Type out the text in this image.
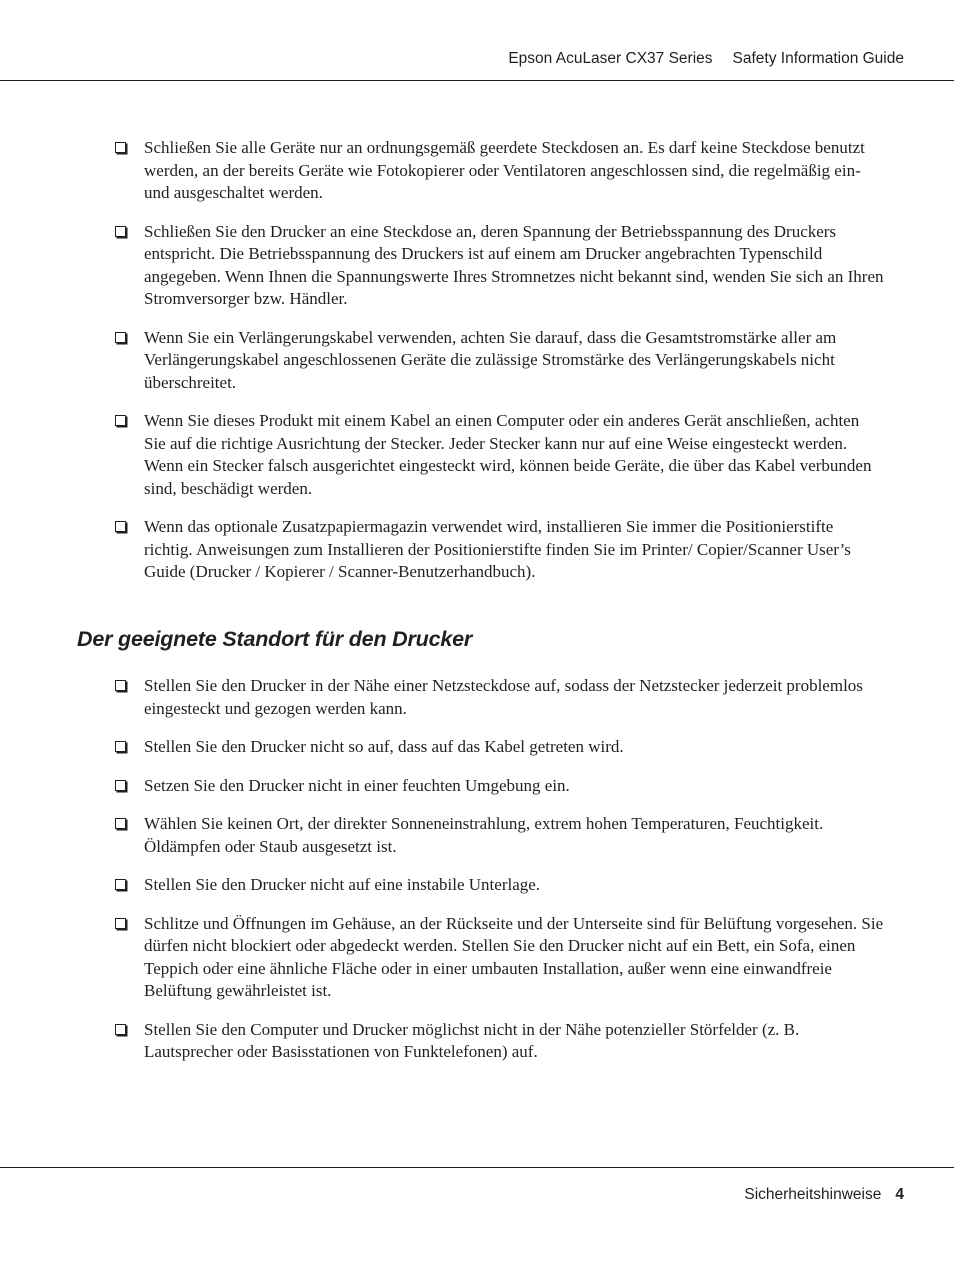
Epson AcuLaser CX37 Series Safety Information Guide
Schließen Sie alle Geräte nur an ordnungsgemäß geerdete Steckdosen an. Es darf keine Steckdose benutzt werden, an der bereits Geräte wie Fotokopierer oder Ventilatoren angeschlossen sind, die regelmäßig ein- und ausgeschaltet werden.
Schließen Sie den Drucker an eine Steckdose an, deren Spannung der Betriebsspannung des Druckers entspricht. Die Betriebsspannung des Druckers ist auf einem am Drucker angebrachten Typenschild angegeben. Wenn Ihnen die Spannungswerte Ihres Stromnetzes nicht bekannt sind, wenden Sie sich an Ihren Stromversorger bzw. Händler.
Wenn Sie ein Verlängerungskabel verwenden, achten Sie darauf, dass die Gesamtstromstärke aller am Verlängerungskabel angeschlossenen Geräte die zulässige Stromstärke des Verlängerungskabels nicht überschreitet.
Wenn Sie dieses Produkt mit einem Kabel an einen Computer oder ein anderes Gerät anschließen, achten Sie auf die richtige Ausrichtung der Stecker. Jeder Stecker kann nur auf eine Weise eingesteckt werden. Wenn ein Stecker falsch ausgerichtet eingesteckt wird, können beide Geräte, die über das Kabel verbunden sind, beschädigt werden.
Wenn das optionale Zusatzpapiermagazin verwendet wird, installieren Sie immer die Positionierstifte richtig. Anweisungen zum Installieren der Positionierstifte finden Sie im Printer/ Copier/Scanner User’s Guide (Drucker / Kopierer / Scanner-Benutzerhandbuch).
Der geeignete Standort für den Drucker
Stellen Sie den Drucker in der Nähe einer Netzsteckdose auf, sodass der Netzstecker jederzeit problemlos eingesteckt und gezogen werden kann.
Stellen Sie den Drucker nicht so auf, dass auf das Kabel getreten wird.
Setzen Sie den Drucker nicht in einer feuchten Umgebung ein.
Wählen Sie keinen Ort, der direkter Sonneneinstrahlung, extrem hohen Temperaturen, Feuchtigkeit. Öldämpfen oder Staub ausgesetzt ist.
Stellen Sie den Drucker nicht auf eine instabile Unterlage.
Schlitze und Öffnungen im Gehäuse, an der Rückseite und der Unterseite sind für Belüftung vorgesehen. Sie dürfen nicht blockiert oder abgedeckt werden. Stellen Sie den Drucker nicht auf ein Bett, ein Sofa, einen Teppich oder eine ähnliche Fläche oder in einer umbauten Installation, außer wenn eine einwandfreie Belüftung gewährleistet ist.
Stellen Sie den Computer und Drucker möglichst nicht in der Nähe potenzieller Störfelder (z. B. Lautsprecher oder Basisstationen von Funktelefonen) auf.
Sicherheitshinweise 4
